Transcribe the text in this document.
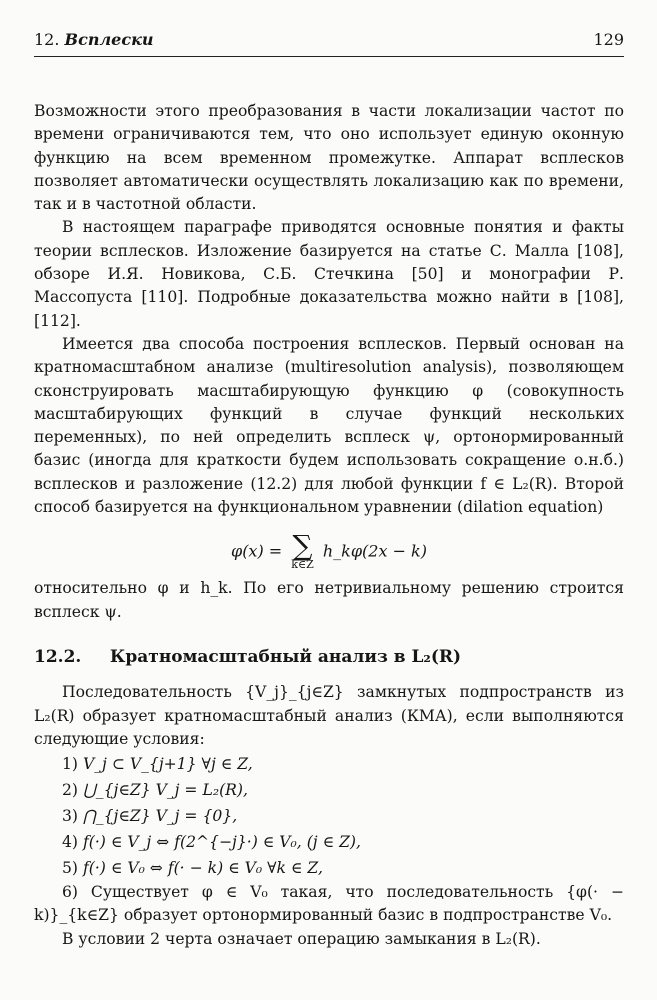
12. Всплески	129

Возможности этого преобразования в части локализации частот по времени ограничиваются тем, что оно использует единую оконную функцию на всем временном промежутке. Аппарат всплесков позволяет автоматически осуществлять локализацию как по времени, так и в частотной области.

В настоящем параграфе приводятся основные понятия и факты теории всплесков. Изложение базируется на статье С. Малла [108], обзоре И.Я. Новикова, С.Б. Стечкина [50] и монографии Р. Массопуста [110]. Подробные доказательства можно найти в [108], [112].

Имеется два способа построения всплесков. Первый основан на кратномасштабном анализе (multiresolution analysis), позволяющем сконструировать масштабирующую функцию φ (совокупность масштабирующих функций в случае функций нескольких переменных), по ней определить всплеск ψ, ортонормированный базис (иногда для краткости будем использовать сокращение о.н.б.) всплесков и разложение (12.2) для любой функции f ∈ L₂(R). Второй способ базируется на функциональном уравнении (dilation equation)

φ(x) = ∑
k∈Z
h_kφ(2x − k)

относительно φ и h_k. По его нетривиальному решению строится всплеск ψ.

12.2. Кратномасштабный анализ в L₂(R)

Последовательность {V_j}_{j∈Z} замкнутых подпространств из L₂(R) образует кратномасштабный анализ (КМА), если выполняются следующие условия:

1) V_j ⊂ V_{j+1} ∀j ∈ Z,
2) ⋃_{j∈Z} V_j = L₂(R),
3) ⋂_{j∈Z} V_j = {0},
4) f(·) ∈ V_j ⇔ f(2^{−j}·) ∈ V₀, (j ∈ Z),
5) f(·) ∈ V₀ ⇔ f(· − k) ∈ V₀ ∀k ∈ Z,

6) Существует φ ∈ V₀ такая, что последовательность {φ(· − k)}_{k∈Z} образует ортонормированный базис в подпространстве V₀.

В условии 2 черта означает операцию замыкания в L₂(R).
